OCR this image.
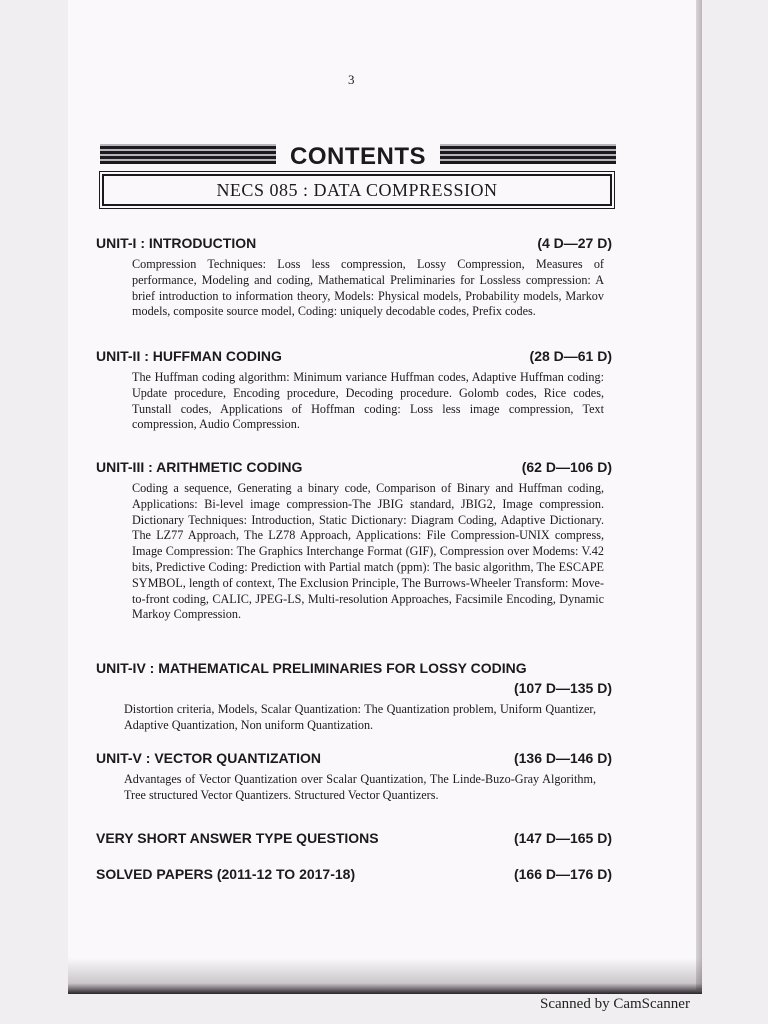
3
CONTENTS
NECS 085 : DATA COMPRESSION
UNIT-I : INTRODUCTION	(4 D—27 D)
Compression Techniques: Loss less compression, Lossy Compression, Measures of performance, Modeling and coding, Mathematical Preliminaries for Lossless compression: A brief introduction to information theory, Models: Physical models, Probability models, Markov models, composite source model, Coding: uniquely decodable codes, Prefix codes.
UNIT-II : HUFFMAN CODING	(28 D—61 D)
The Huffman coding algorithm: Minimum variance Huffman codes, Adaptive Huffman coding: Update procedure, Encoding procedure, Decoding procedure. Golomb codes, Rice codes, Tunstall codes, Applications of Hoffman coding: Loss less image compression, Text compression, Audio Compression.
UNIT-III : ARITHMETIC CODING	(62 D—106 D)
Coding a sequence, Generating a binary code, Comparison of Binary and Huffman coding, Applications: Bi-level image compression-The JBIG standard, JBIG2, Image compression. Dictionary Techniques: Introduction, Static Dictionary: Diagram Coding, Adaptive Dictionary. The LZ77 Approach, The LZ78 Approach, Applications: File Compression-UNIX compress, Image Compression: The Graphics Interchange Format (GIF), Compression over Modems: V.42 bits, Predictive Coding: Prediction with Partial match (ppm): The basic algorithm, The ESCAPE SYMBOL, length of context, The Exclusion Principle, The Burrows-Wheeler Transform: Move-to-front coding, CALIC, JPEG-LS, Multi-resolution Approaches, Facsimile Encoding, Dynamic Markoy Compression.
UNIT-IV : MATHEMATICAL PRELIMINARIES FOR LOSSY CODING
(107 D—135 D)
Distortion criteria, Models, Scalar Quantization: The Quantization problem, Uniform Quantizer, Adaptive Quantization, Non uniform Quantization.
UNIT-V : VECTOR QUANTIZATION	(136 D—146 D)
Advantages of Vector Quantization over Scalar Quantization, The Linde-Buzo-Gray Algorithm, Tree structured Vector Quantizers. Structured Vector Quantizers.
VERY SHORT ANSWER TYPE QUESTIONS	(147 D—165 D)
SOLVED PAPERS (2011-12 TO 2017-18)	(166 D—176 D)
Scanned by CamScanner
